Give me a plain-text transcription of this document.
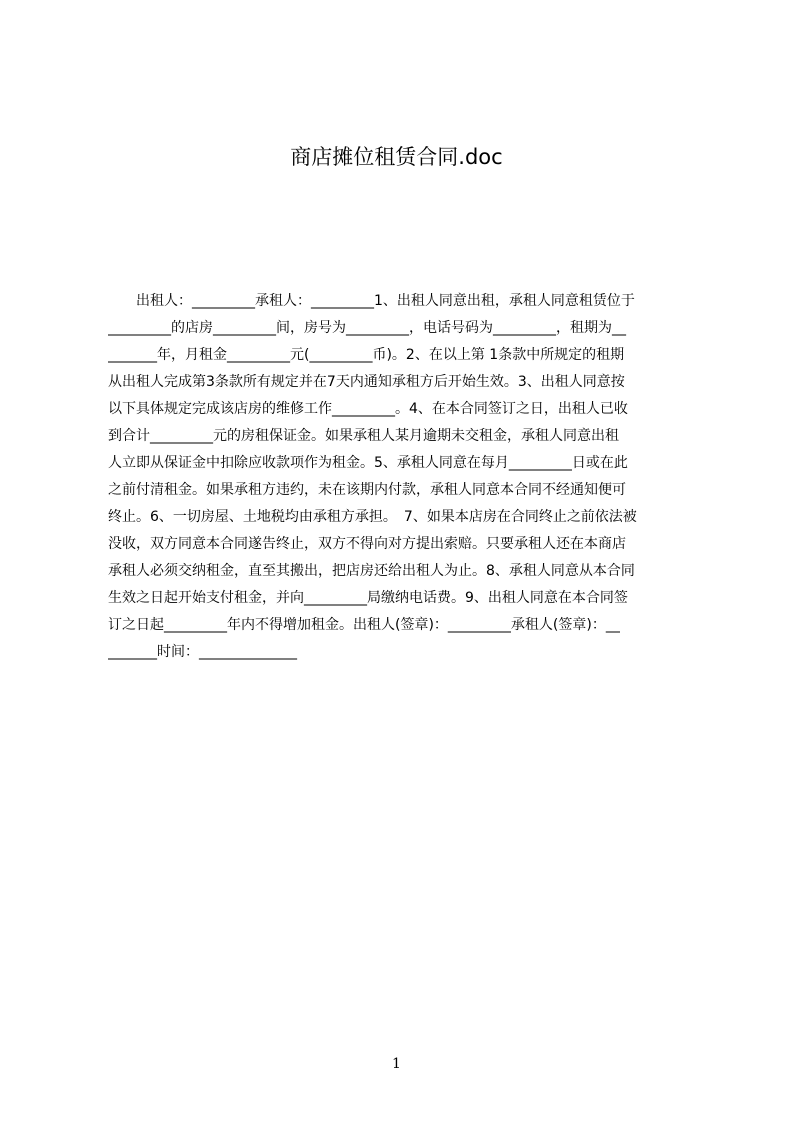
商店摊位租赁合同.doc
　　出租人：_________承租人：_________1、出租人同意出租，承租人同意租赁位于
_________的店房_________间，房号为_________，电话号码为_________，租期为__
_______年，月租金_________元(_________币)。2、在以上第 1条款中所规定的租期
从出租人完成第3条款所有规定并在7天内通知承租方后开始生效。3、出租人同意按
以下具体规定完成该店房的维修工作_________。4、在本合同签订之日，出租人已收
到合计_________元的房租保证金。如果承租人某月逾期未交租金，承租人同意出租
人立即从保证金中扣除应收款项作为租金。5、承租人同意在每月_________日或在此
之前付清租金。如果承租方违约，未在该期内付款，承租人同意本合同不经通知便可
终止。6、一切房屋、土地税均由承租方承担。　7、如果本店房在合同终止之前依法被
没收，双方同意本合同遂告终止，双方不得向对方提出索赔。只要承租人还在本商店
承租人必须交纳租金，直至其搬出，把店房还给出租人为止。8、承租人同意从本合同
生效之日起开始支付租金，并向_________局缴纳电话费。9、出租人同意在本合同签
订之日起_________年内不得增加租金。出租人(签章)：_________承租人(签章)：__
_______时间：______________
1
